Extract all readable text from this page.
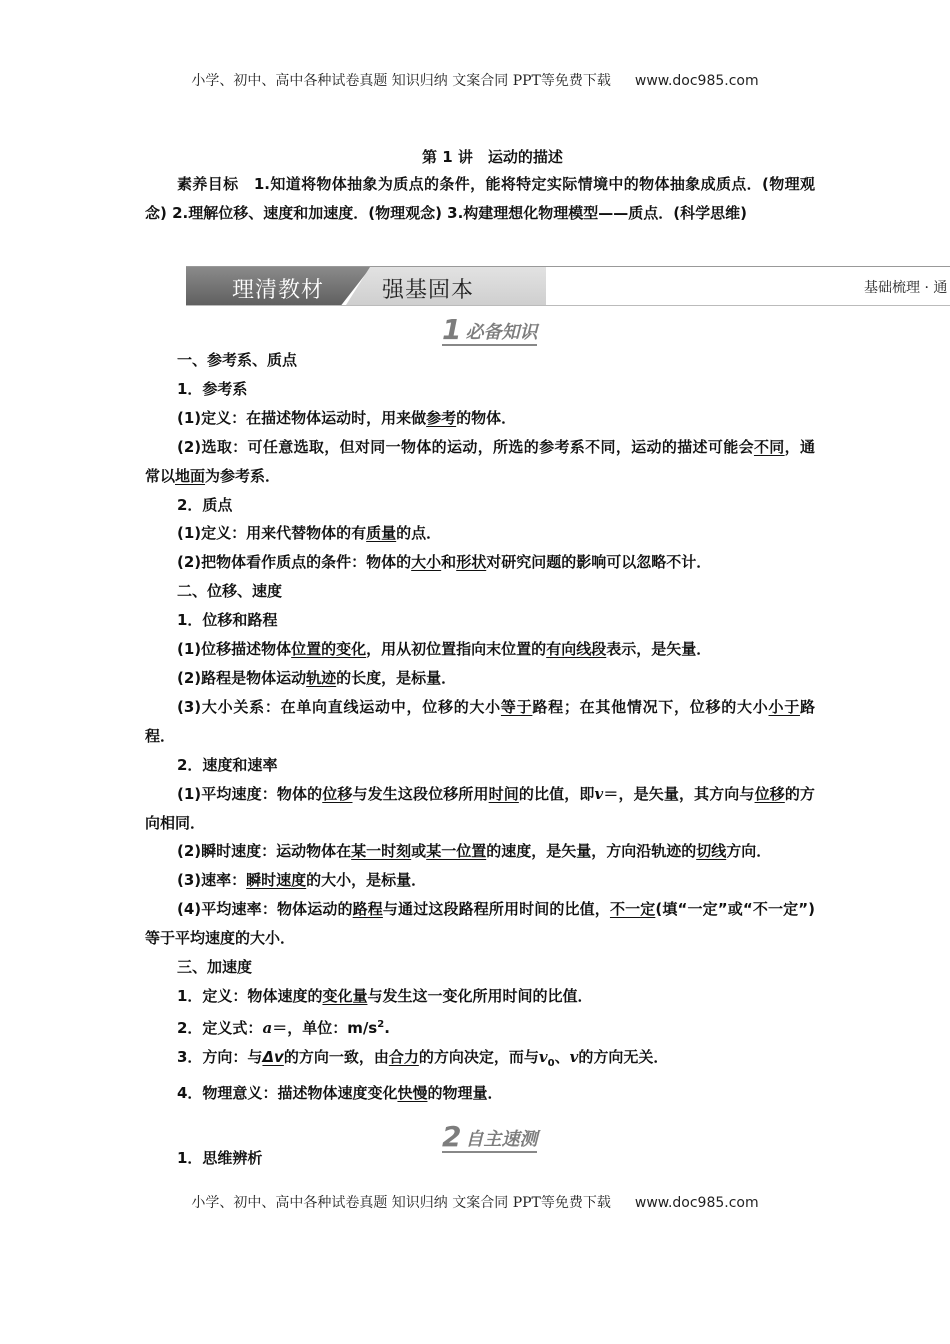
小学、初中、高中各种试卷真题 知识归纳 文案合同 PPT等免费下载 www.doc985.com
第 1 讲　运动的描述
素养目标　1.知道将物体抽象为质点的条件，能将特定实际情境中的物体抽象成质点．(物理观念) 2.理解位移、速度和加速度．(物理观念) 3.构建理想化物理模型——质点．(科学思维)
理清教材	强基固本	基础梳理 · 通
1 必备知识

一、参考系、质点

1．参考系

(1)定义：在描述物体运动时，用来做参考的物体．

(2)选取：可任意选取，但对同一物体的运动，所选的参考系不同，运动的描述可能会不同，通常以地面为参考系．

2．质点

(1)定义：用来代替物体的有质量的点．

(2)把物体看作质点的条件：物体的大小和形状对研究问题的影响可以忽略不计．

二、位移、速度

1．位移和路程

(1)位移描述物体位置的变化，用从初位置指向末位置的有向线段表示，是矢量．

(2)路程是物体运动轨迹的长度，是标量．

(3)大小关系：在单向直线运动中，位移的大小等于路程；在其他情况下，位移的大小小于路程．

2．速度和速率

(1)平均速度：物体的位移与发生这段位移所用时间的比值，即v＝，是矢量，其方向与位移的方向相同．

(2)瞬时速度：运动物体在某一时刻或某一位置的速度，是矢量，方向沿轨迹的切线方向．

(3)速率：瞬时速度的大小，是标量．

(4)平均速率：物体运动的路程与通过这段路程所用时间的比值，不一定(填“一定”或“不一定”)等于平均速度的大小．

三、加速度

1．定义：物体速度的变化量与发生这一变化所用时间的比值．

2．定义式：a＝，单位：$m/s^2$.

3．方向：与Δv的方向一致，由合力的方向决定，而与$v_0$、v的方向无关．

4．物理意义：描述物体速度变化快慢的物理量．

1．思维辨析

2 自主速测
小学、初中、高中各种试卷真题 知识归纳 文案合同 PPT等免费下载 www.doc985.com
